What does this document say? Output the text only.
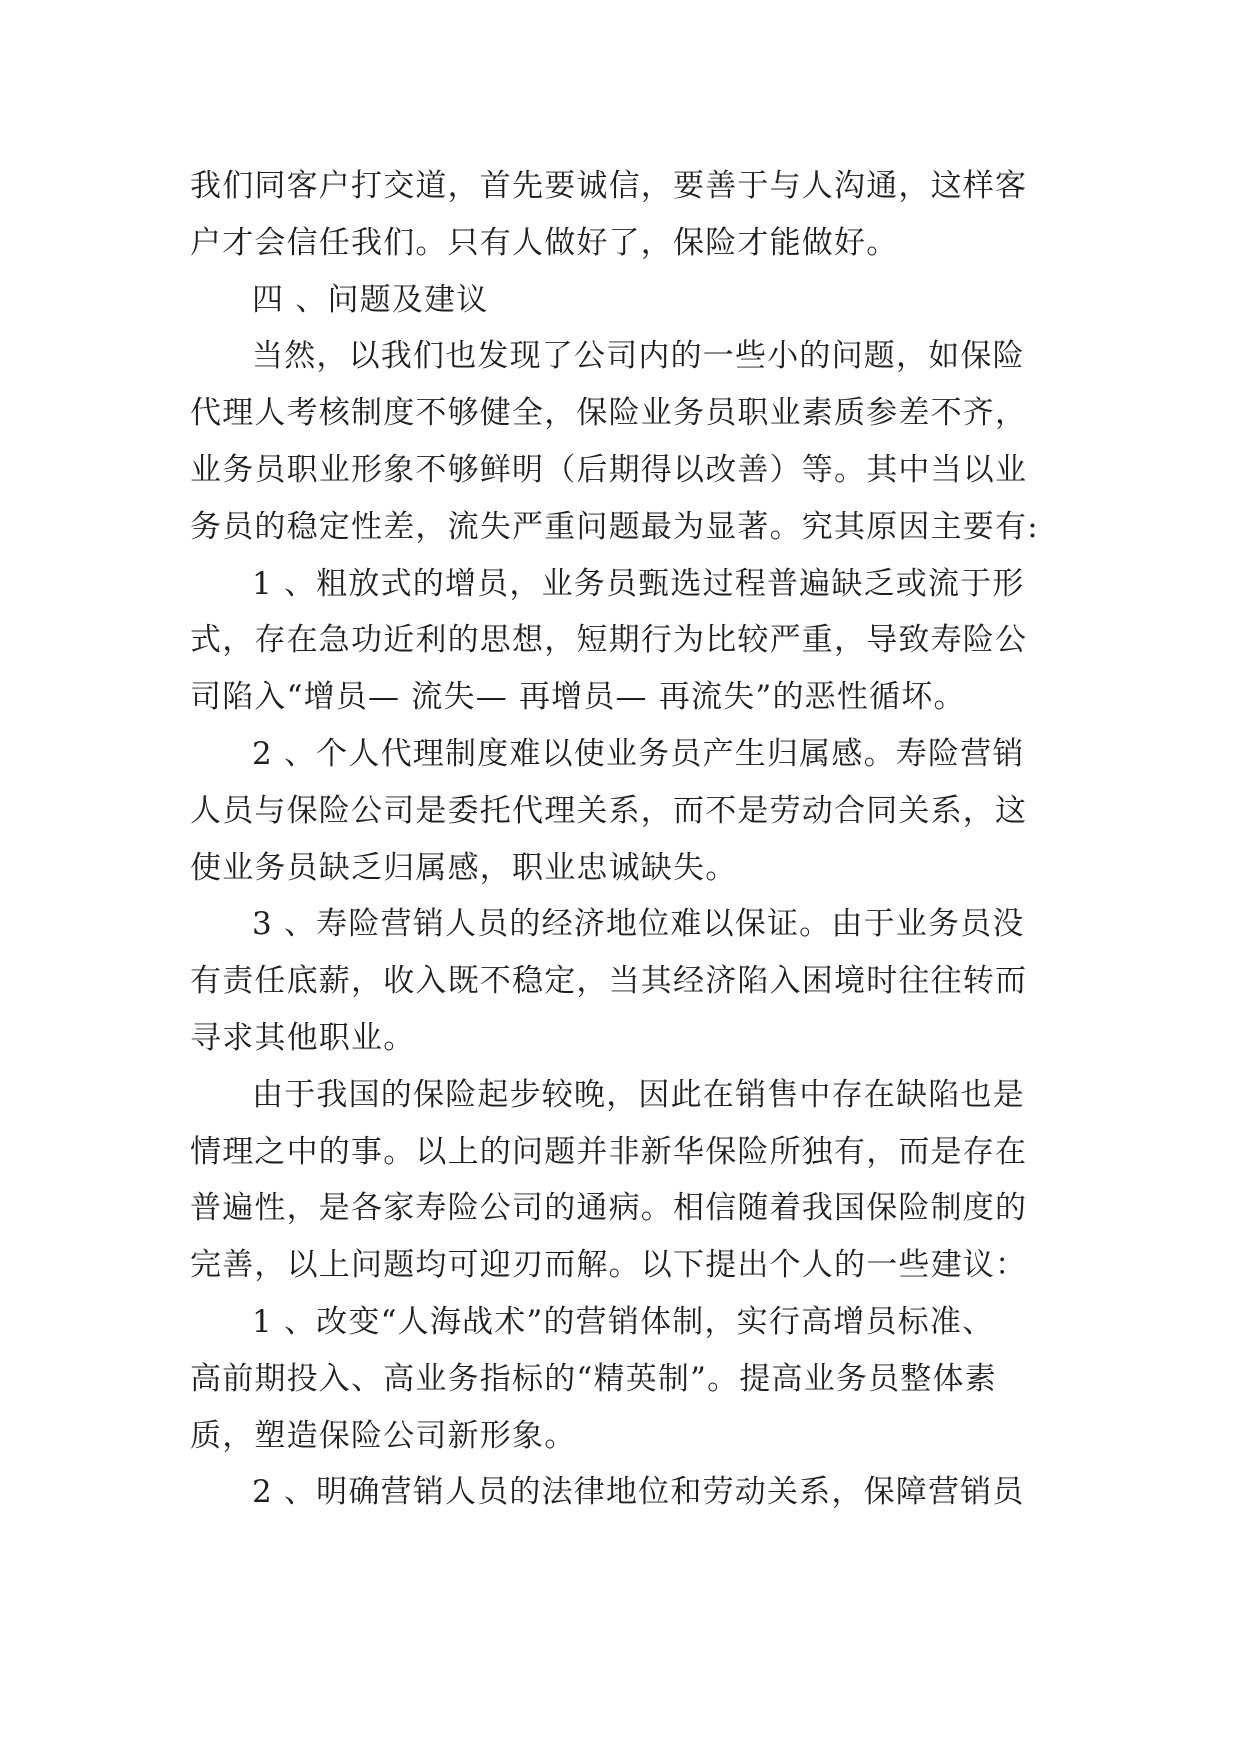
我们同客户打交道，首先要诚信，要善于与人沟通，这样客
户才会信任我们。只有人做好了，保险才能做好。
四 、问题及建议
当然，以我们也发现了公司内的一些小的问题，如保险
代理人考核制度不够健全，保险业务员职业素质参差不齐，
业务员职业形象不够鲜明（后期得以改善）等。其中当以业
务员的稳定性差，流失严重问题最为显著。究其原因主要有:
1 、粗放式的增员，业务员甄选过程普遍缺乏或流于形
式，存在急功近利的思想，短期行为比较严重，导致寿险公
司陷入“增员— 流失— 再增员— 再流失”的恶性循坏。
2 、个人代理制度难以使业务员产生归属感。寿险营销
人员与保险公司是委托代理关系，而不是劳动合同关系，这
使业务员缺乏归属感，职业忠诚缺失。
3 、寿险营销人员的经济地位难以保证。由于业务员没
有责任底薪，收入既不稳定，当其经济陷入困境时往往转而
寻求其他职业。
由于我国的保险起步较晚，因此在销售中存在缺陷也是
情理之中的事。以上的问题并非新华保险所独有，而是存在
普遍性，是各家寿险公司的通病。相信随着我国保险制度的
完善，以上问题均可迎刃而解。以下提出个人的一些建议：
1 、改变“人海战术”的营销体制，实行高增员标准、
高前期投入、高业务指标的“精英制”。提高业务员整体素
质，塑造保险公司新形象。
2 、明确营销人员的法律地位和劳动关系，保障营销员
